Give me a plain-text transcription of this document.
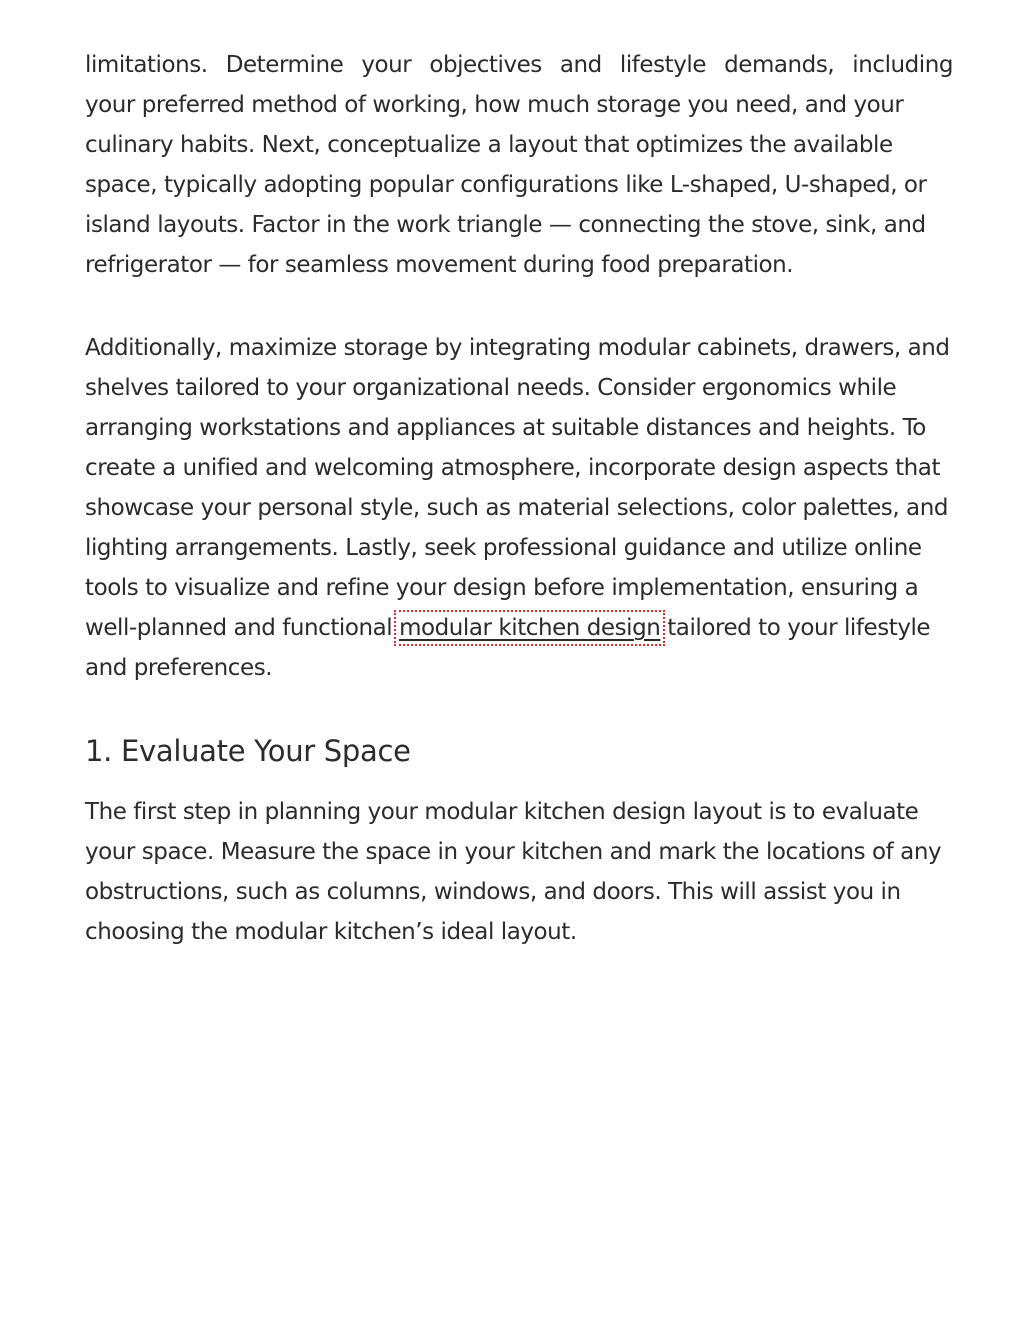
limitations. Determine your objectives and lifestyle demands, including
your preferred method of working, how much storage you need, and your culinary habits. Next, conceptualize a layout that optimizes the available space, typically adopting popular configurations like L-shaped, U-shaped, or island layouts. Factor in the work triangle — connecting the stove, sink, and refrigerator — for seamless movement during food preparation.

Additionally, maximize storage by integrating modular cabinets, drawers, and shelves tailored to your organizational needs. Consider ergonomics while arranging workstations and appliances at suitable distances and heights. To create a unified and welcoming atmosphere, incorporate design aspects that showcase your personal style, such as material selections, color palettes, and lighting arrangements. Lastly, seek professional guidance and utilize online tools to visualize and refine your design before implementation, ensuring a well-planned and functional modular kitchen design tailored to your lifestyle and preferences.

1. Evaluate Your Space

The first step in planning your modular kitchen design layout is to evaluate your space. Measure the space in your kitchen and mark the locations of any obstructions, such as columns, windows, and doors. This will assist you in choosing the modular kitchen’s ideal layout.
